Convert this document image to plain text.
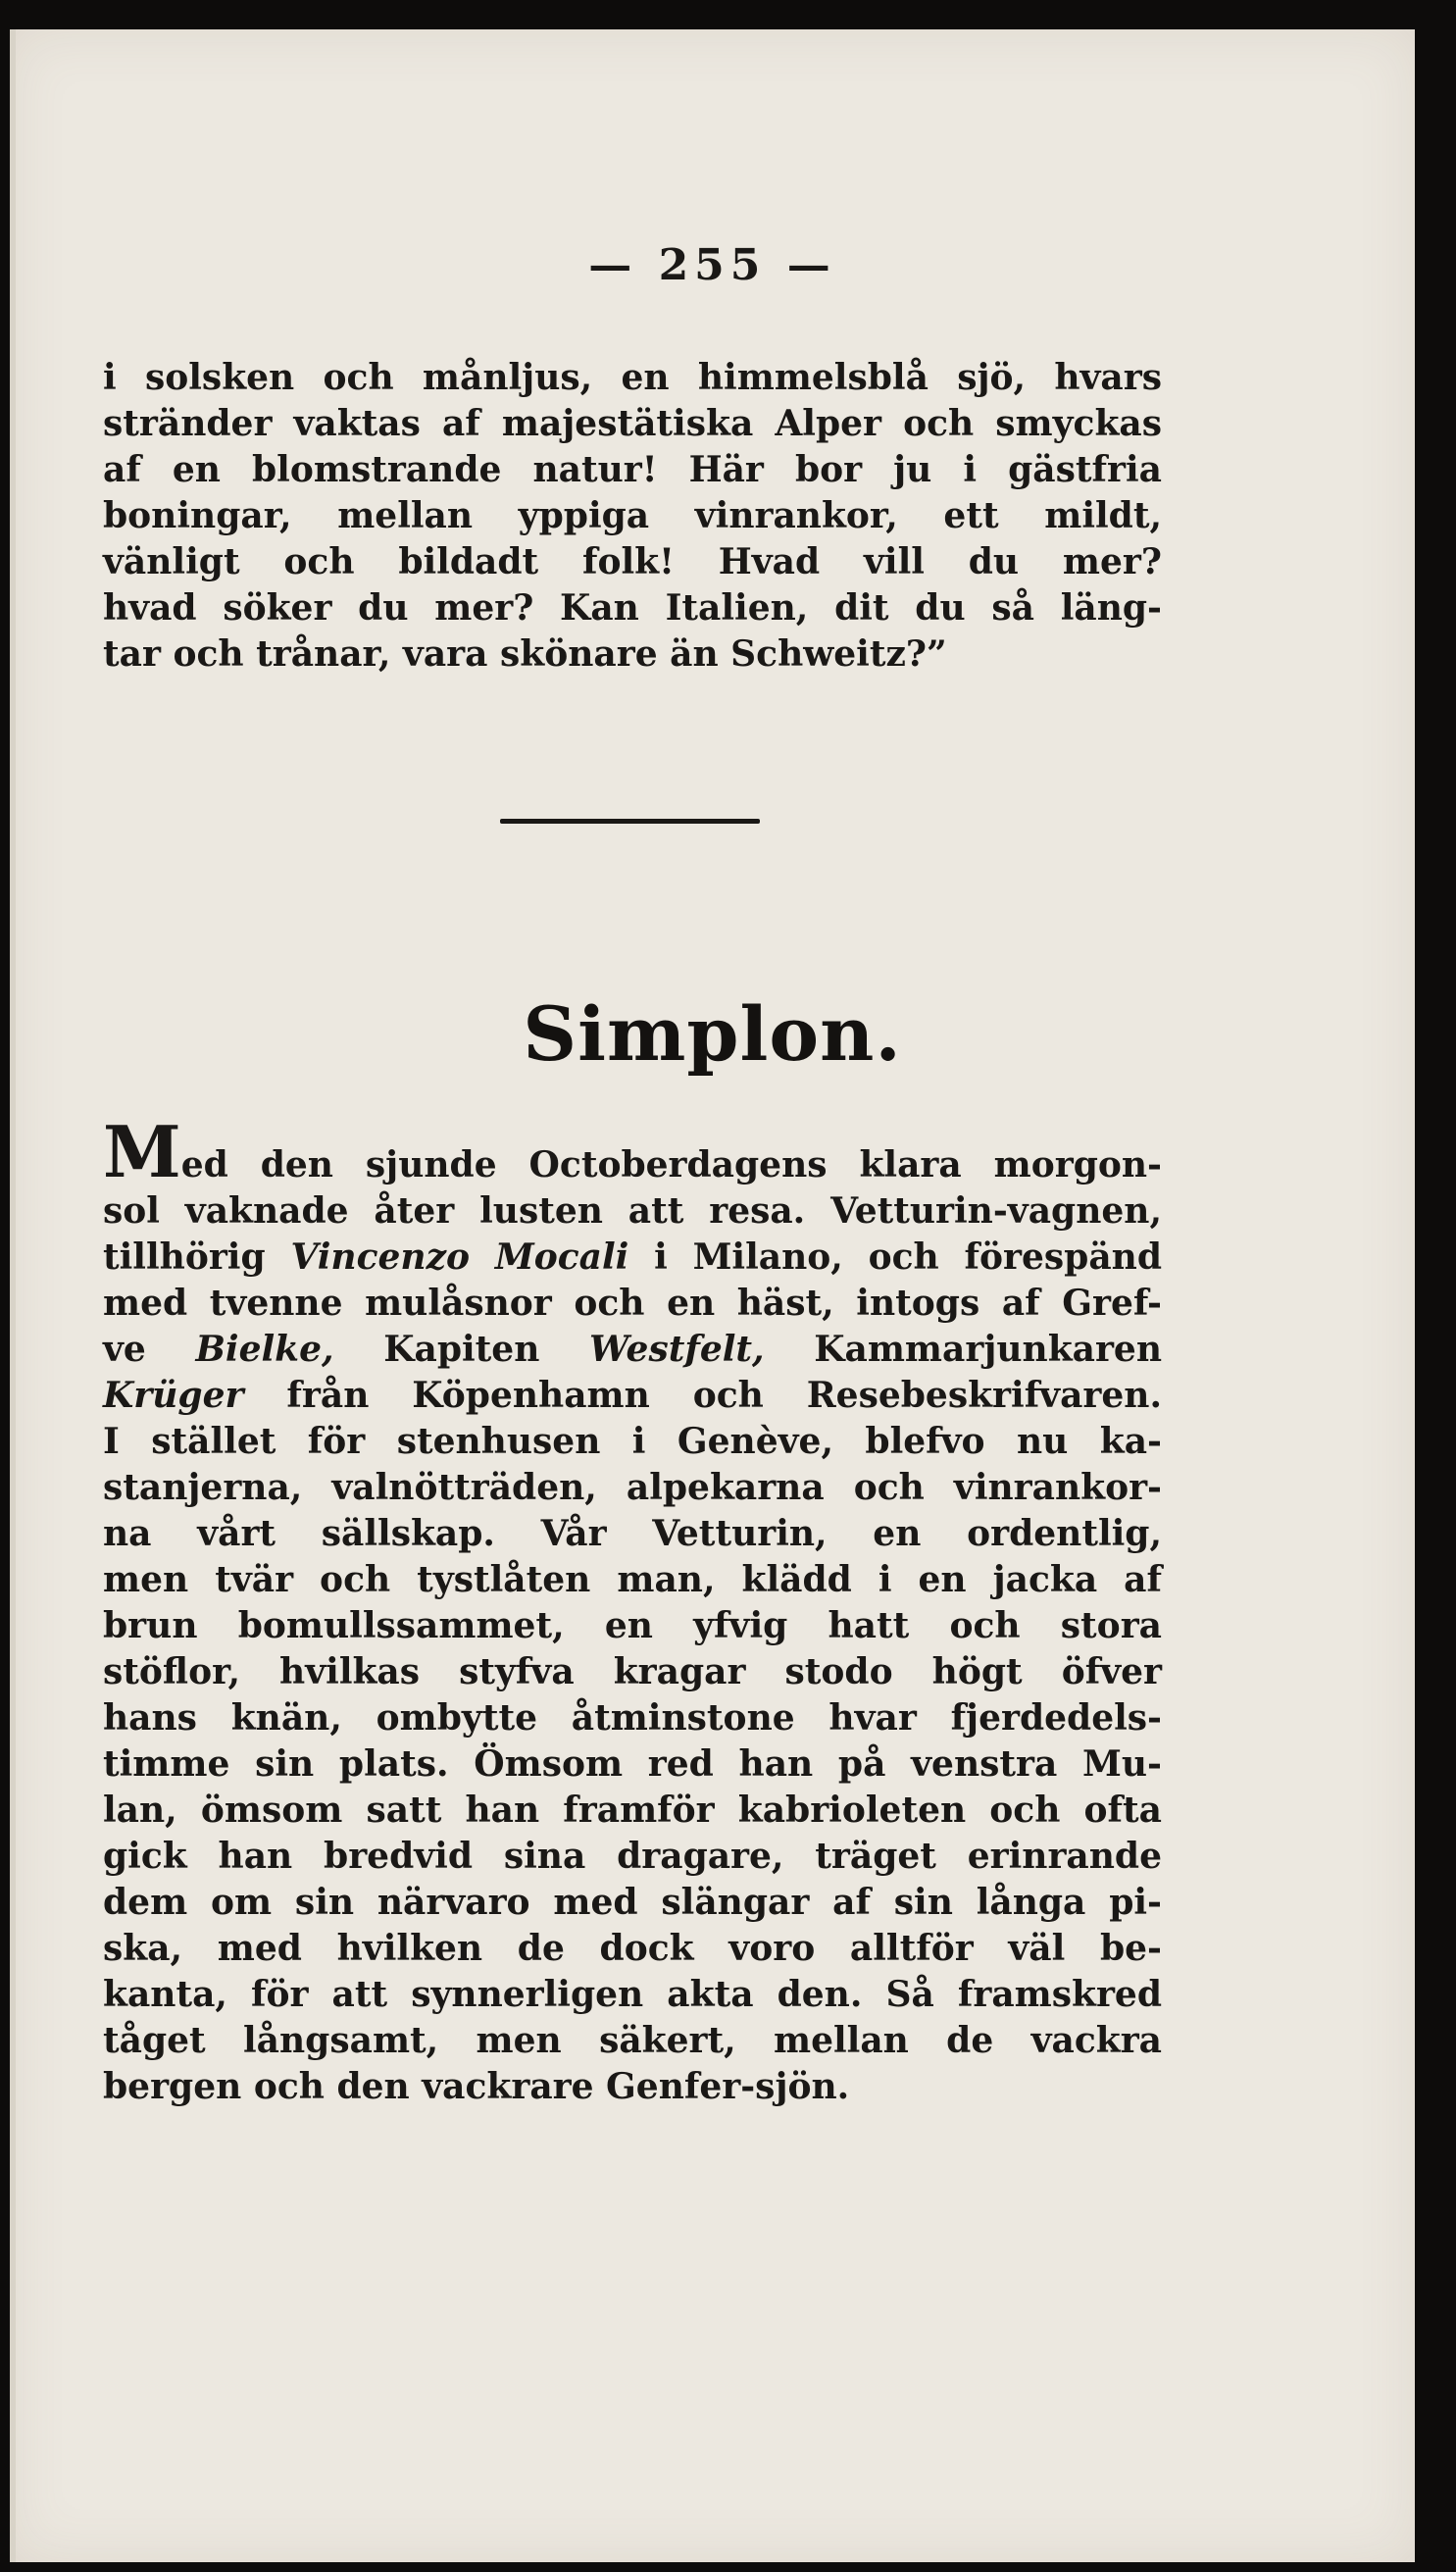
— 255 —
i solsken och månljus, en himmelsblå sjö, hvars
stränder vaktas af majestätiska Alper och smyckas
af en blomstrande natur! Här bor ju i gästfria
boningar, mellan yppiga vinrankor, ett mildt,
vänligt och bildadt folk! Hvad vill du mer?
hvad söker du mer? Kan Italien, dit du så läng-
tar och trånar, vara skönare än Schweitz?”
Simplon.
Med den sjunde Octoberdagens klara morgon-
sol vaknade åter lusten att resa. Vetturin-vagnen,
tillhörig Vincenzo Mocali i Milano, och förespänd
med tvenne mulåsnor och en häst, intogs af Gref-
ve Bielke, Kapiten Westfelt, Kammarjunkaren
Krüger från Köpenhamn och Resebeskrifvaren.
I stället för stenhusen i Genève, blefvo nu ka-
stanjerna, valnötträden, alpekarna och vinrankor-
na vårt sällskap. Vår Vetturin, en ordentlig,
men tvär och tystlåten man, klädd i en jacka af
brun bomullssammet, en yfvig hatt och stora
stöflor, hvilkas styfva kragar stodo högt öfver
hans knän, ombytte åtminstone hvar fjerdedels-
timme sin plats. Ömsom red han på venstra Mu-
lan, ömsom satt han framför kabrioleten och ofta
gick han bredvid sina dragare, träget erinrande
dem om sin närvaro med slängar af sin långa pi-
ska, med hvilken de dock voro alltför väl be-
kanta, för att synnerligen akta den. Så framskred
tåget långsamt, men säkert, mellan de vackra
bergen och den vackrare Genfer-sjön.
